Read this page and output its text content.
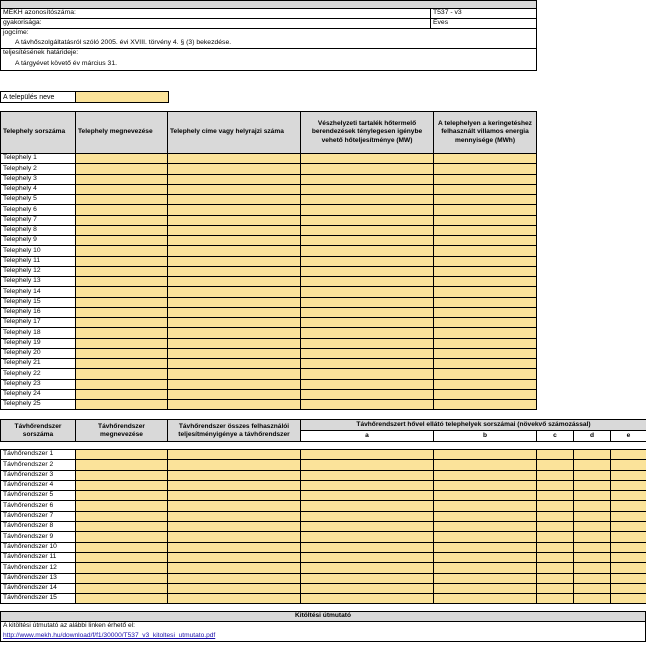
MEKH azonosítószáma:	T537 - v3
gyakorisága:	Éves
jogcíme:	
A távhőszolgáltatásról szóló 2005. évi XVIII. törvény 4. § (3) bekezdése.	
teljesítésének határideje:	
A tárgyévet követő év március 31.	
A település neve	
Telephely sorszáma	Telephely megnevezése	Telephely címe vagy helyrajzi száma	Vészhelyzeti tartalék hőtermelő berendezések ténylegesen igénybe vehető hőteljesítménye (MW)	A telephelyen a keringetéshez felhasznált villamos energia mennyisége (MWh)
Telephely 1				
Telephely 2				
Telephely 3				
Telephely 4				
Telephely 5				
Telephely 6				
Telephely 7				
Telephely 8				
Telephely 9				
Telephely 10				
Telephely 11				
Telephely 12				
Telephely 13				
Telephely 14				
Telephely 15				
Telephely 16				
Telephely 17				
Telephely 18				
Telephely 19				
Telephely 20				
Telephely 21				
Telephely 22				
Telephely 23				
Telephely 24				
Telephely 25				
Távhőrendszer sorszáma	Távhőrendszer megnevezése	Távhőrendszer összes felhasználói teljesítményigénye a távhőrendszer	Távhőrendszert hővel ellátó telephelyek sorszámai (növekvő számozással)				
			a	b	c	d	e

Távhőrendszer 1							
Távhőrendszer 2							
Távhőrendszer 3							
Távhőrendszer 4							
Távhőrendszer 5							
Távhőrendszer 6							
Távhőrendszer 7							
Távhőrendszer 8							
Távhőrendszer 9							
Távhőrendszer 10							
Távhőrendszer 11							
Távhőrendszer 12							
Távhőrendszer 13							
Távhőrendszer 14							
Távhőrendszer 15							
Kitöltési útmutató
A kitöltési útmutató az alábbi linken érhető el:
http://www.mekh.hu/download/f/f1/30000/T537_v3_kitoltesi_utmutato.pdf
